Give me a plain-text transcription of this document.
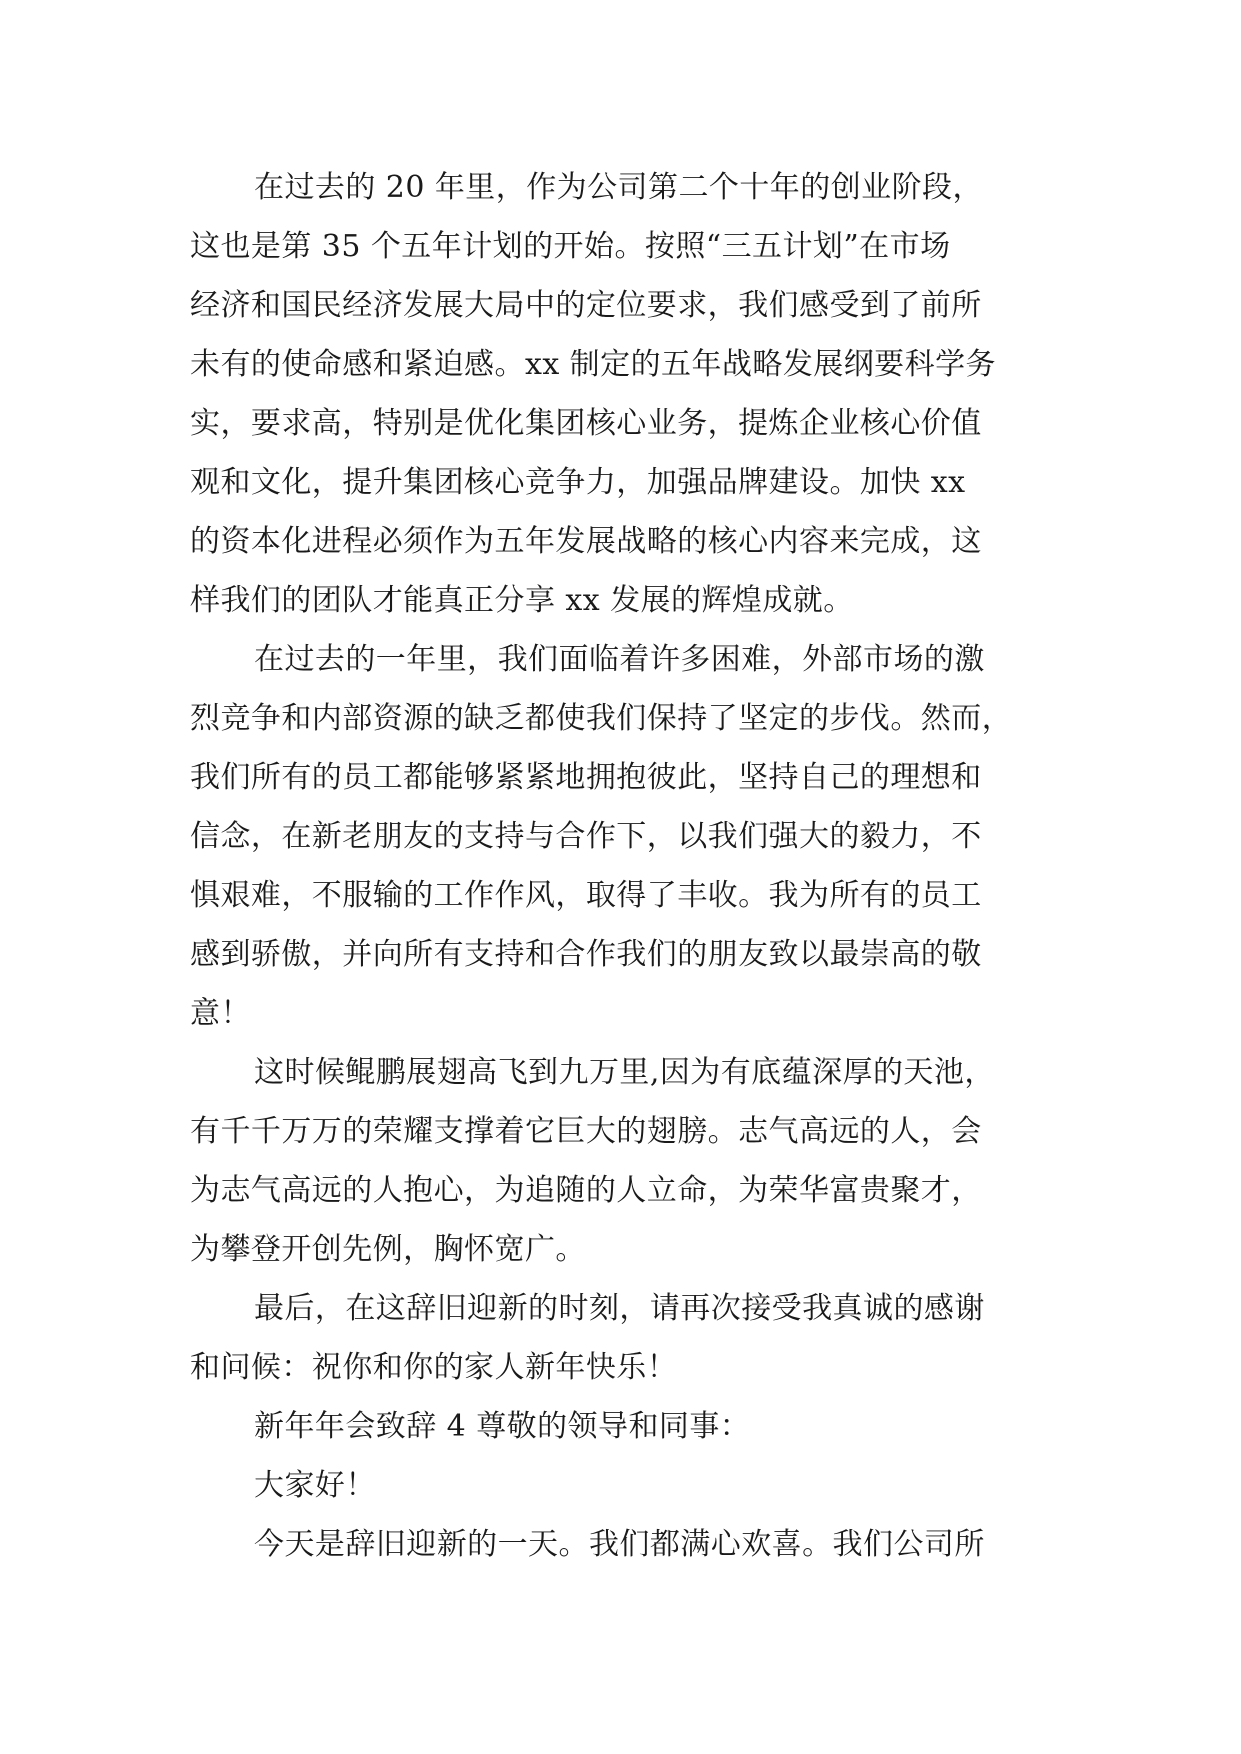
在过去的 20 年里，作为公司第二个十年的创业阶段，
这也是第 35 个五年计划的开始。按照“三五计划”在市场
经济和国民经济发展大局中的定位要求，我们感受到了前所
未有的使命感和紧迫感。xx 制定的五年战略发展纲要科学务
实，要求高，特别是优化集团核心业务，提炼企业核心价值
观和文化，提升集团核心竞争力，加强品牌建设。加快 xx
的资本化进程必须作为五年发展战略的核心内容来完成，这
样我们的团队才能真正分享 xx 发展的辉煌成就。
在过去的一年里，我们面临着许多困难，外部市场的激
烈竞争和内部资源的缺乏都使我们保持了坚定的步伐。然而，
我们所有的员工都能够紧紧地拥抱彼此，坚持自己的理想和
信念，在新老朋友的支持与合作下，以我们强大的毅力，不
惧艰难，不服输的工作作风，取得了丰收。我为所有的员工
感到骄傲，并向所有支持和合作我们的朋友致以最崇高的敬
意！
这时候鲲鹏展翅高飞到九万里,因为有底蕴深厚的天池，
有千千万万的荣耀支撑着它巨大的翅膀。志气高远的人，会
为志气高远的人抱心，为追随的人立命，为荣华富贵聚才，
为攀登开创先例，胸怀宽广。
最后，在这辞旧迎新的时刻，请再次接受我真诚的感谢
和问候：祝你和你的家人新年快乐！
新年年会致辞 4 尊敬的领导和同事：
大家好！
今天是辞旧迎新的一天。我们都满心欢喜。我们公司所
